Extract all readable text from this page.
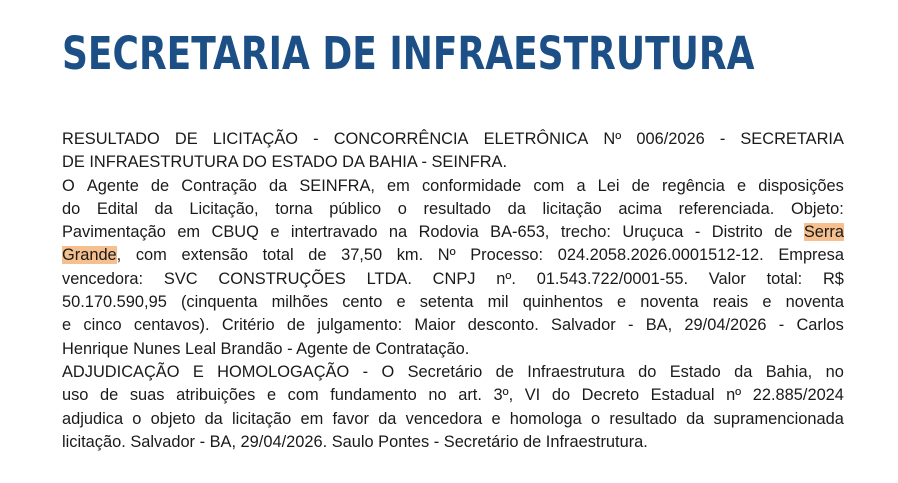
SECRETARIA DE INFRAESTRUTURA
RESULTADO DE LICITAÇÃO - CONCORRÊNCIA ELETRÔNICA Nº 006/2026 - SECRETARIA
DE INFRAESTRUTURA DO ESTADO DA BAHIA - SEINFRA.
O Agente de Contração da SEINFRA, em conformidade com a Lei de regência e disposições
do Edital da Licitação, torna público o resultado da licitação acima referenciada. Objeto:
Pavimentação em CBUQ e intertravado na Rodovia BA-653, trecho: Uruçuca - Distrito de Serra
Grande, com extensão total de 37,50 km. Nº Processo: 024.2058.2026.0001512-12. Empresa
vencedora: SVC CONSTRUÇÕES LTDA. CNPJ nº. 01.543.722/0001-55. Valor total: R$
50.170.590,95 (cinquenta milhões cento e setenta mil quinhentos e noventa reais e noventa
e cinco centavos). Critério de julgamento: Maior desconto. Salvador - BA, 29/04/2026 - Carlos
Henrique Nunes Leal Brandão - Agente de Contratação.
ADJUDICAÇÃO E HOMOLOGAÇÃO - O Secretário de Infraestrutura do Estado da Bahia, no
uso de suas atribuições e com fundamento no art. 3º, VI do Decreto Estadual nº 22.885/2024
adjudica o objeto da licitação em favor da vencedora e homologa o resultado da supramencionada
licitação. Salvador - BA, 29/04/2026. Saulo Pontes - Secretário de Infraestrutura.
